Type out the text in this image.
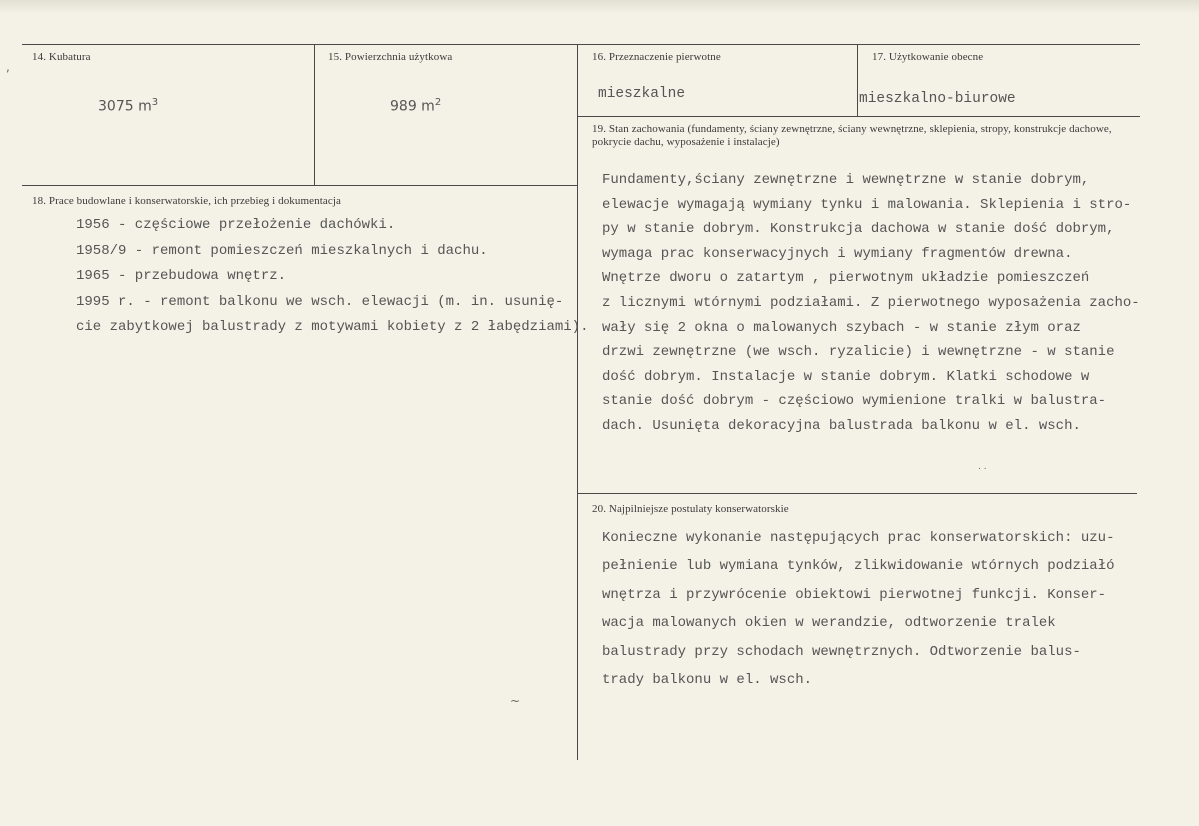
14. Kubatura
3075 $m^3$
15. Powierzchnia użytkowa
989 $m^2$
16. Przeznaczenie pierwotne
mieszkalne
17. Użytkowanie obecne
mieszkalno-biurowe
18. Prace budowlane i konserwatorskie, ich przebieg i dokumentacja
1956 - częściowe przełożenie dachówki.
1958/9 - remont pomieszczeń mieszkalnych i dachu.
1965 - przebudowa wnętrz.
1995 r. - remont balkonu we wsch. elewacji (m. in. usunię-
cie zabytkowej balustrady z motywami kobiety z 2 łabędziami).
19. Stan zachowania (fundamenty, ściany zewnętrzne, ściany wewnętrzne, sklepienia, stropy, konstrukcje dachowe, pokrycie dachu, wyposażenie i instalacje)
Fundamenty,ściany zewnętrzne i wewnętrzne w stanie dobrym,
elewacje wymagają wymiany tynku i malowania. Sklepienia i stro-
py w stanie dobrym. Konstrukcja dachowa w stanie dość dobrym,
wymaga prac konserwacyjnych i wymiany fragmentów drewna.
Wnętrze dworu o zatartym , pierwotnym układzie pomieszczeń
z licznymi wtórnymi podziałami. Z pierwotnego wyposażenia zacho-
wały się 2 okna o malowanych szybach - w stanie złym oraz
drzwi zewnętrzne (we wsch. ryzalicie) i wewnętrzne - w stanie
dość dobrym. Instalacje w stanie dobrym. Klatki schodowe w
stanie dość dobrym - częściowo wymienione tralki w balustra-
dach. Usunięta dekoracyjna balustrada balkonu w el. wsch.
20. Najpilniejsze postulaty konserwatorskie
Konieczne wykonanie następujących prac konserwatorskich: uzu-
pełnienie lub wymiana tynków, zlikwidowanie wtórnych podziałó
wnętrza i przywrócenie obiektowi pierwotnej funkcji. Konser-
wacja malowanych okien w werandzie, odtworzenie tralek
balustrady przy schodach wewnętrznych. Odtworzenie balus-
trady balkonu w el. wsch.
,
~
. .
